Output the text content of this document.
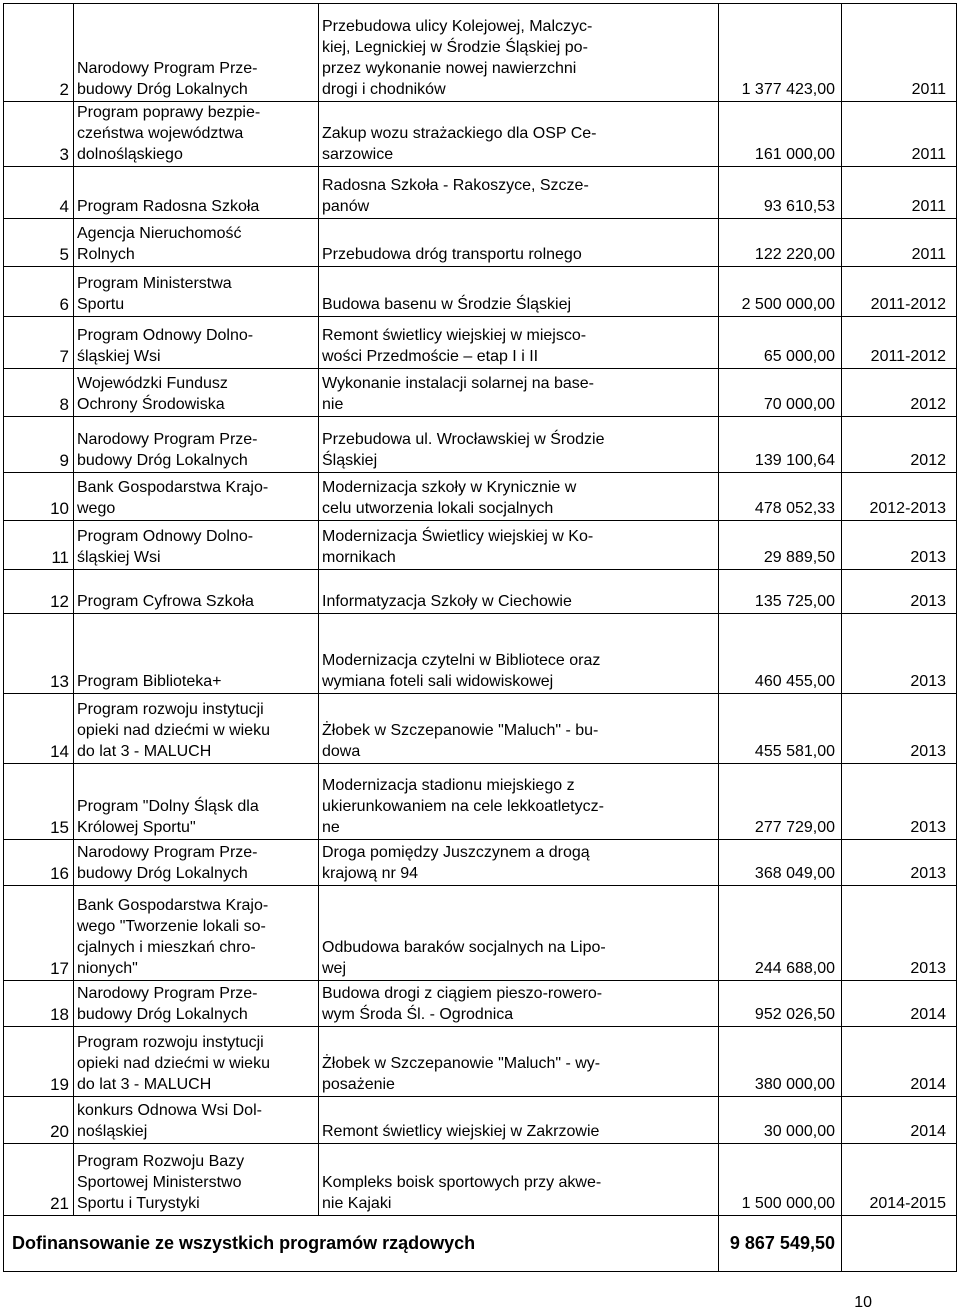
2	Narodowy Program Prze-
budowy Dróg Lokalnych	Przebudowa ulicy Kolejowej, Malczyc-
kiej, Legnickiej w Środzie Śląskiej po-
przez wykonanie nowej nawierzchni
drogi i chodników	1 377 423,00	2011
3	Program poprawy bezpie-
czeństwa województwa
dolnośląskiego	Zakup wozu strażackiego dla OSP Ce-
sarzowice	161 000,00	2011
4	Program Radosna Szkoła	Radosna Szkoła - Rakoszyce, Szcze-
panów	93 610,53	2011
5	Agencja Nieruchomość
Rolnych	Przebudowa dróg transportu rolnego	122 220,00	2011
6	Program Ministerstwa
Sportu	Budowa basenu w Środzie Śląskiej	2 500 000,00	2011-2012
7	Program Odnowy Dolno-
śląskiej Wsi	Remont świetlicy wiejskiej w miejsco-
wości Przedmoście – etap I i II	65 000,00	2011-2012
8	Wojewódzki Fundusz
Ochrony Środowiska	Wykonanie instalacji solarnej na base-
nie	70 000,00	2012
9	Narodowy Program Prze-
budowy Dróg Lokalnych	Przebudowa ul. Wrocławskiej w Środzie
Śląskiej	139 100,64	2012
10	Bank Gospodarstwa Krajo-
wego	Modernizacja szkoły w Krynicznie w
celu utworzenia lokali socjalnych	478 052,33	2012-2013
11	Program Odnowy Dolno-
śląskiej Wsi	Modernizacja Świetlicy wiejskiej w Ko-
mornikach	29 889,50	2013
12	Program Cyfrowa Szkoła	Informatyzacja Szkoły w Ciechowie	135 725,00	2013
13	Program Biblioteka+	Modernizacja czytelni w Bibliotece oraz
wymiana foteli sali widowiskowej	460 455,00	2013
14	Program rozwoju instytucji
opieki nad dziećmi w wieku
do lat 3 - MALUCH	Żłobek w Szczepanowie "Maluch" - bu-
dowa	455 581,00	2013
15	Program "Dolny Śląsk dla
Królowej Sportu"	Modernizacja stadionu miejskiego z
ukierunkowaniem na cele lekkoatletycz-
ne	277 729,00	2013
16	Narodowy Program Prze-
budowy Dróg Lokalnych	Droga pomiędzy Juszczynem a drogą
krajową nr 94	368 049,00	2013
17	Bank Gospodarstwa Krajo-
wego "Tworzenie lokali so-
cjalnych i mieszkań chro-
nionych"	Odbudowa baraków socjalnych na Lipo-
wej	244 688,00	2013
18	Narodowy Program Prze-
budowy Dróg Lokalnych	Budowa drogi z ciągiem pieszo-rowero-
wym Środa Śl. - Ogrodnica	952 026,50	2014
19	Program rozwoju instytucji
opieki nad dziećmi w wieku
do lat 3 - MALUCH	Żłobek w Szczepanowie "Maluch" - wy-
posażenie	380 000,00	2014
20	konkurs Odnowa Wsi Dol-
nośląskiej	Remont świetlicy wiejskiej w Zakrzowie	30 000,00	2014
21	Program Rozwoju Bazy
Sportowej Ministerstwo
Sportu i Turystyki	Kompleks boisk sportowych przy akwe-
nie Kajaki	1 500 000,00	2014-2015
Dofinansowanie ze wszystkich programów rządowych			9 867 549,50	
10
